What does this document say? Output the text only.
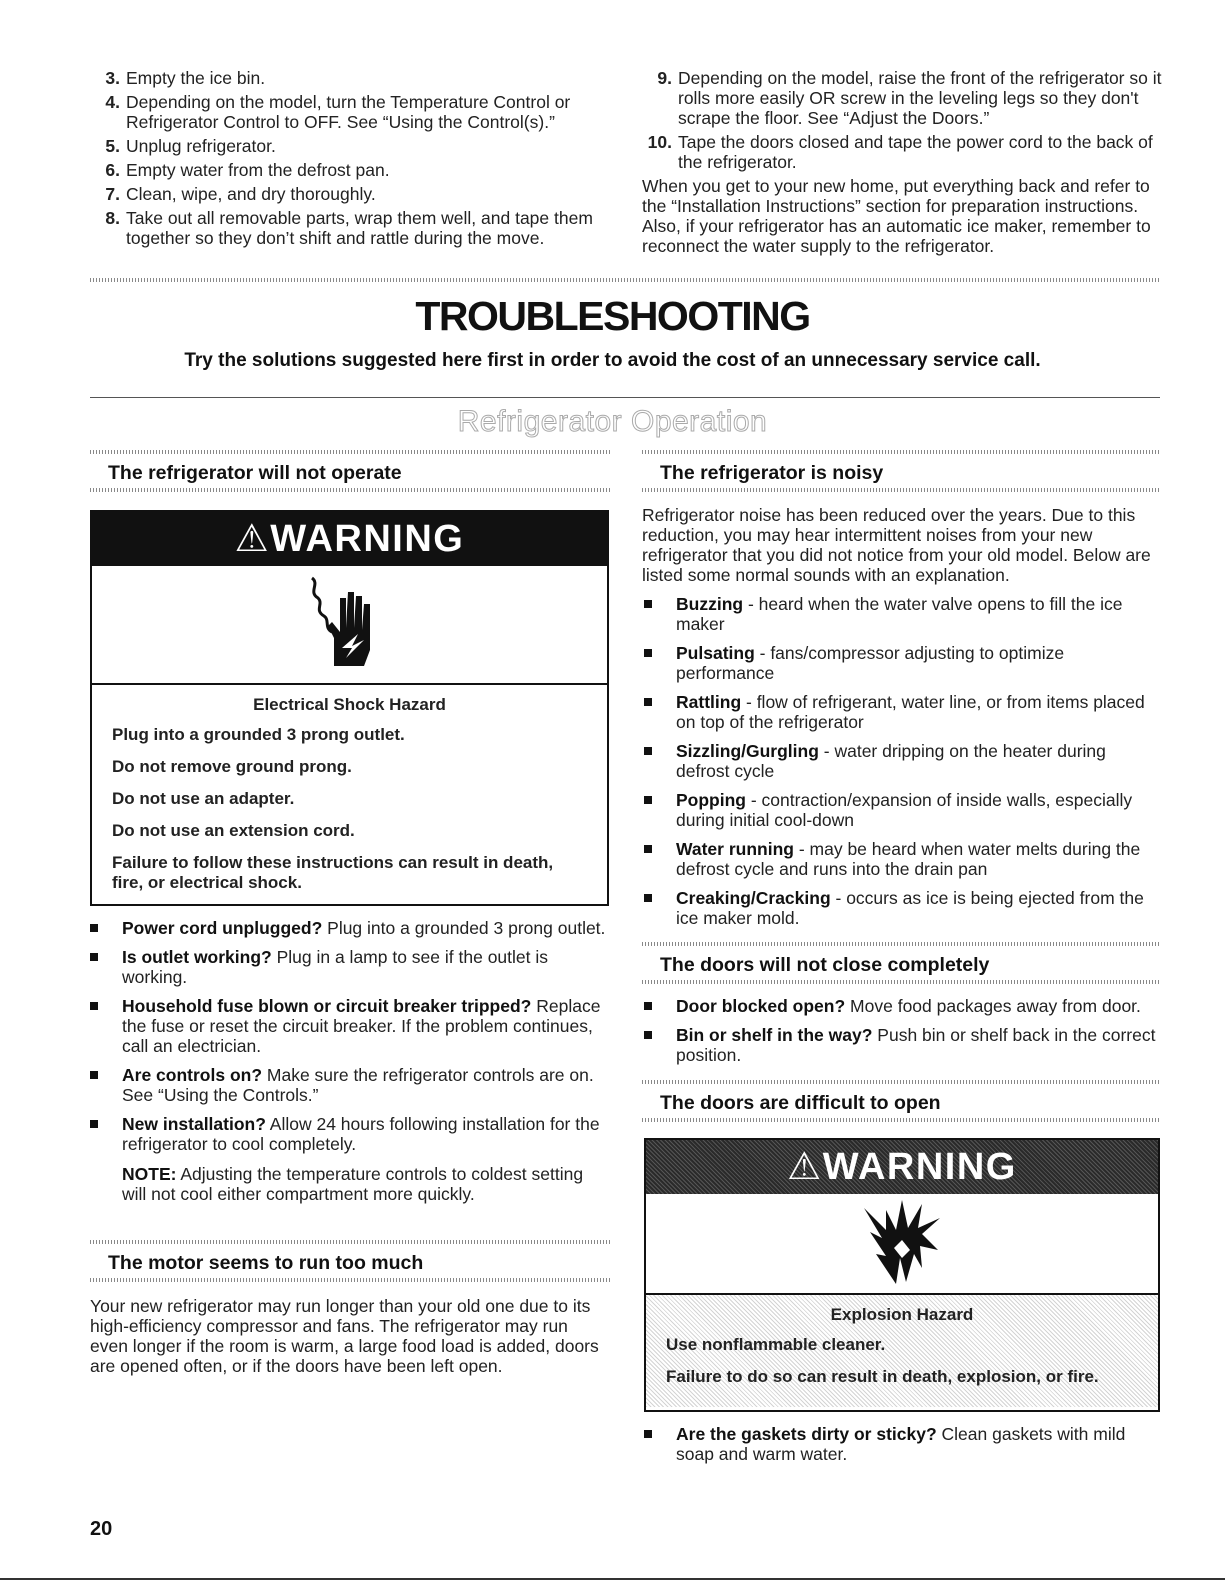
3. Empty the ice bin.
4. Depending on the model, turn the Temperature Control or Refrigerator Control to OFF. See “Using the Control(s).”
5. Unplug refrigerator.
6. Empty water from the defrost pan.
7. Clean, wipe, and dry thoroughly.
8. Take out all removable parts, wrap them well, and tape them together so they don’t shift and rattle during the move.
9. Depending on the model, raise the front of the refrigerator so it rolls more easily OR screw in the leveling legs so they don't scrape the floor. See “Adjust the Doors.”
10. Tape the doors closed and tape the power cord to the back of the refrigerator.

When you get to your new home, put everything back and refer to the “Installation Instructions” section for preparation instructions. Also, if your refrigerator has an automatic ice maker, remember to reconnect the water supply to the refrigerator.

TROUBLESHOOTING
Try the solutions suggested here first in order to avoid the cost of an unnecessary service call.
Refrigerator Operation
The refrigerator will not operate
⚠WARNING
Electrical Shock Hazard

Plug into a grounded 3 prong outlet.

Do not remove ground prong.

Do not use an adapter.

Do not use an extension cord.

Failure to follow these instructions can result in death, fire, or electrical shock.

Power cord unplugged? Plug into a grounded 3 prong outlet.
Is outlet working? Plug in a lamp to see if the outlet is working.
Household fuse blown or circuit breaker tripped? Replace the fuse or reset the circuit breaker. If the problem continues, call an electrician.
Are controls on? Make sure the refrigerator controls are on. See “Using the Controls.”
New installation? Allow 24 hours following installation for the refrigerator to cool completely.
NOTE: Adjusting the temperature controls to coldest setting will not cool either compartment more quickly.
The motor seems to run too much

Your new refrigerator may run longer than your old one due to its high-efficiency compressor and fans. The refrigerator may run even longer if the room is warm, a large food load is added, doors are opened often, or if the doors have been left open.

The refrigerator is noisy

Refrigerator noise has been reduced over the years. Due to this reduction, you may hear intermittent noises from your new refrigerator that you did not notice from your old model. Below are listed some normal sounds with an explanation.

Buzzing - heard when the water valve opens to fill the ice maker
Pulsating - fans/compressor adjusting to optimize performance
Rattling - flow of refrigerant, water line, or from items placed on top of the refrigerator
Sizzling/Gurgling - water dripping on the heater during defrost cycle
Popping - contraction/expansion of inside walls, especially during initial cool-down
Water running - may be heard when water melts during the defrost cycle and runs into the drain pan
Creaking/Cracking - occurs as ice is being ejected from the ice maker mold.
The doors will not close completely
Door blocked open? Move food packages away from door.
Bin or shelf in the way? Push bin or shelf back in the correct position.
The doors are difficult to open
⚠WARNING
Explosion Hazard

Use nonflammable cleaner.

Failure to do so can result in death, explosion, or fire.

Are the gaskets dirty or sticky? Clean gaskets with mild soap and warm water.
20
